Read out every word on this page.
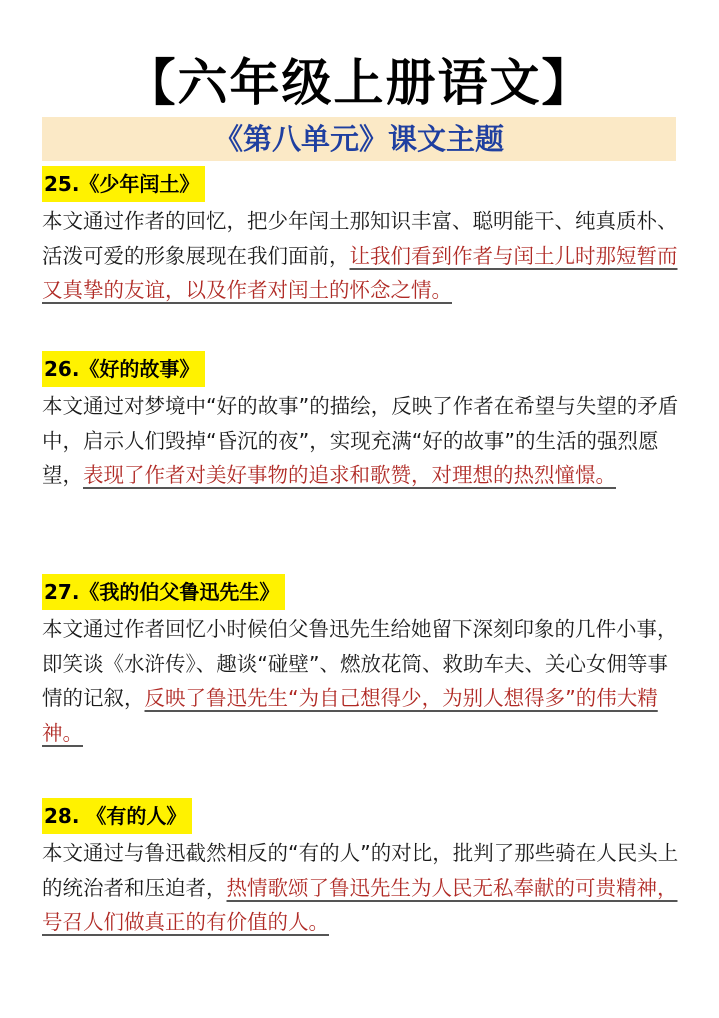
【六年级上册语文】
《第八单元》课文主题
25.《少年闰土》
本文通过作者的回忆，把少年闰土那知识丰富、聪明能干、纯真质朴、活泼可爱的形象展现在我们面前，让我们看到作者与闰土儿时那短暂而又真挚的友谊，以及作者对闰土的怀念之情。
26.《好的故事》
本文通过对梦境中“好的故事”的描绘，反映了作者在希望与失望的矛盾中，启示人们毁掉“昏沉的夜”，实现充满“好的故事”的生活的强烈愿望，表现了作者对美好事物的追求和歌赞，对理想的热烈憧憬。
27.《我的伯父鲁迅先生》
本文通过作者回忆小时候伯父鲁迅先生给她留下深刻印象的几件小事，即笑谈《水浒传》、趣谈“碰壁”、燃放花筒、救助车夫、关心女佣等事情的记叙，反映了鲁迅先生“为自己想得少，为别人想得多”的伟大精神。
28. 《有的人》
本文通过与鲁迅截然相反的“有的人”的对比，批判了那些骑在人民头上的统治者和压迫者，热情歌颂了鲁迅先生为人民无私奉献的可贵精神，号召人们做真正的有价值的人。
